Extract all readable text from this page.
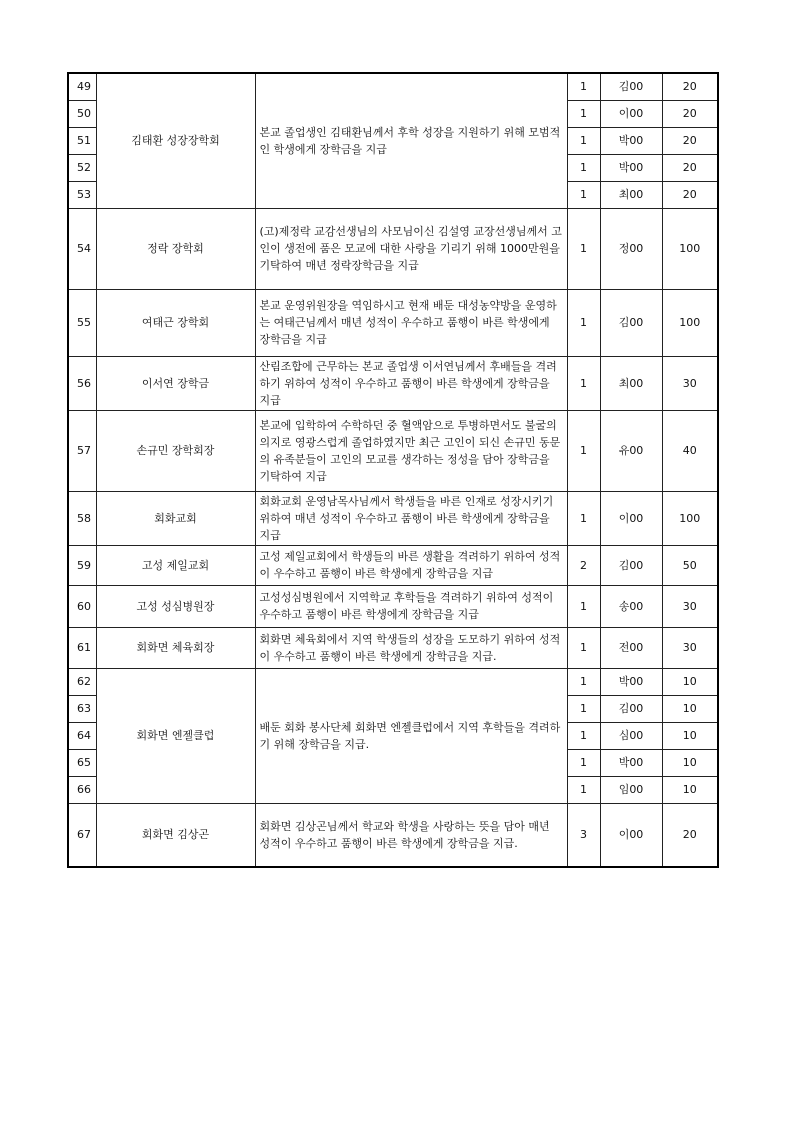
49	김태환 성장장학회	본교 졸업생인 김태환님께서 후학 성장을 지원하기 위해 모범적인 학생에게 장학금을 지급	1	김00	20
50			1	이00	20
51			1	박00	20
52			1	박00	20
53			1	최00	20
54	정락 장학회	(고)제정락 교감선생님의 사모님이신 김설영 교장선생님께서 고인이 생전에 품은 모교에 대한 사랑을 기리기 위해 1000만원을 기탁하여 매년 정락장학금을 지급	1	정00	100
55	여태근 장학회	본교 운영위원장을 역임하시고 현재 배둔 대성농약방을 운영하는 여태근님께서 매년 성적이 우수하고 품행이 바른 학생에게 장학금을 지급	1	김00	100
56	이서연 장학금	산림조합에 근무하는 본교 졸업생 이서연님께서 후배들을 격려하기 위하여 성적이 우수하고 품행이 바른 학생에게 장학금을 지급	1	최00	30
57	손규민 장학회장	본교에 입학하여 수학하던 중 혈액암으로 투병하면서도 불굴의 의지로 영광스럽게 졸업하였지만 최근 고인이 되신 손규민 동문의 유족분들이 고인의 모교를 생각하는 정성을 담아 장학금을 기탁하여 지급	1	유00	40
58	회화교회	회화교회 운영남목사님께서 학생들을 바른 인재로 성장시키기 위하여 매년 성적이 우수하고 품행이 바른 학생에게 장학금을 지급	1	이00	100
59	고성 제일교회	고성 제일교회에서 학생들의 바른 생활을 격려하기 위하여 성적이 우수하고 품행이 바른 학생에게 장학금을 지급	2	김00	50
60	고성 성심병원장	고성성심병원에서 지역학교 후학들을 격려하기 위하여 성적이 우수하고 품행이 바른 학생에게 장학금을 지급	1	송00	30
61	회화면 체육회장	회화면 체육회에서 지역 학생들의 성장을 도모하기 위하여 성적이 우수하고 품행이 바른 학생에게 장학금을 지급.	1	전00	30
62	회화면 엔젤클럽	배둔 회화 봉사단체 회화면 엔젤클럽에서 지역 후학들을 격려하기 위해 장학금을 지급.	1	박00	10
63			1	김00	10
64			1	심00	10
65			1	박00	10
66			1	임00	10
67	회화면 김상곤	회화면 김상곤님께서 학교와 학생을 사랑하는 뜻을 담아 매년 성적이 우수하고 품행이 바른 학생에게 장학금을 지급.	3	이00	20
